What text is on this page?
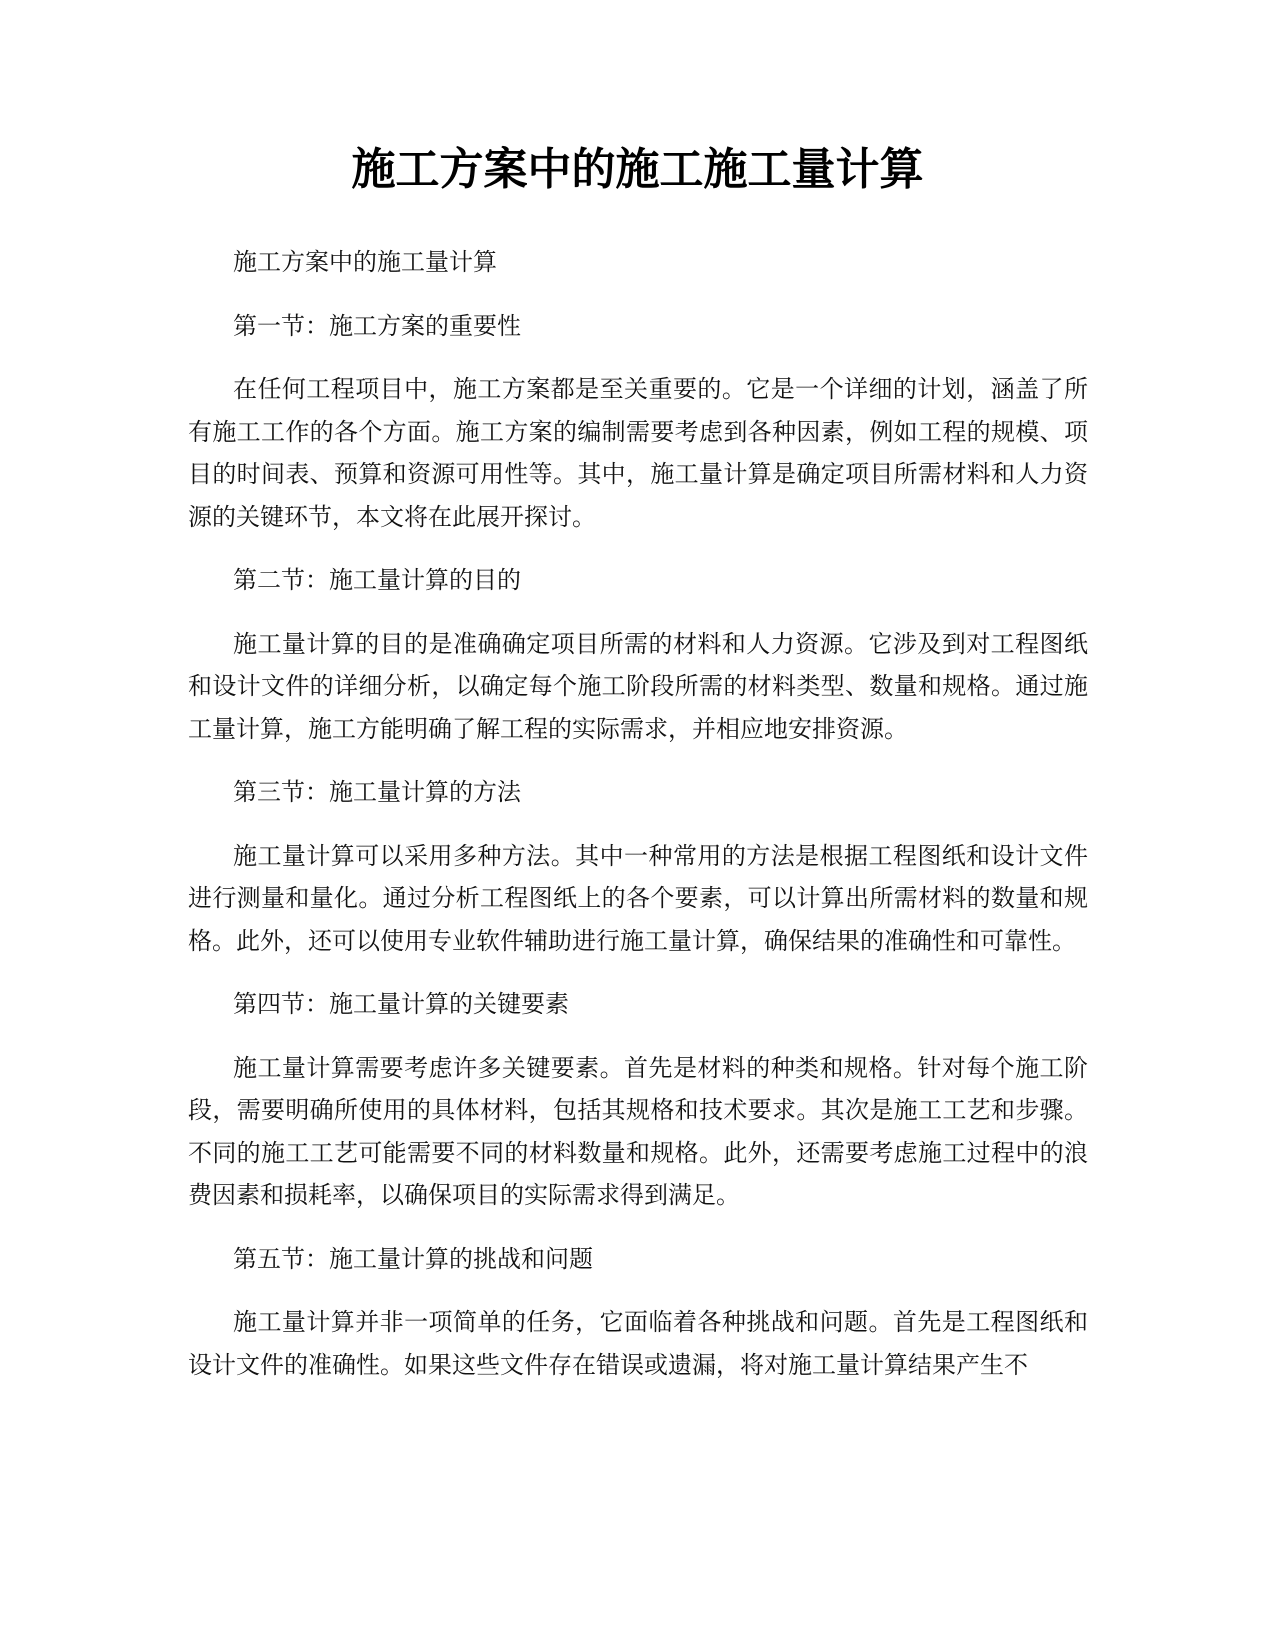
施工方案中的施工施工量计算

施工方案中的施工量计算

第一节：施工方案的重要性

在任何工程项目中，施工方案都是至关重要的。它是一个详细的计划，涵盖了所有施工工作的各个方面。施工方案的编制需要考虑到各种因素，例如工程的规模、项目的时间表、预算和资源可用性等。其中，施工量计算是确定项目所需材料和人力资源的关键环节，本文将在此展开探讨。

第二节：施工量计算的目的

施工量计算的目的是准确确定项目所需的材料和人力资源。它涉及到对工程图纸和设计文件的详细分析，以确定每个施工阶段所需的材料类型、数量和规格。通过施工量计算，施工方能明确了解工程的实际需求，并相应地安排资源。

第三节：施工量计算的方法

施工量计算可以采用多种方法。其中一种常用的方法是根据工程图纸和设计文件进行测量和量化。通过分析工程图纸上的各个要素，可以计算出所需材料的数量和规格。此外，还可以使用专业软件辅助进行施工量计算，确保结果的准确性和可靠性。

第四节：施工量计算的关键要素

施工量计算需要考虑许多关键要素。首先是材料的种类和规格。针对每个施工阶段，需要明确所使用的具体材料，包括其规格和技术要求。其次是施工工艺和步骤。不同的施工工艺可能需要不同的材料数量和规格。此外，还需要考虑施工过程中的浪费因素和损耗率，以确保项目的实际需求得到满足。

第五节：施工量计算的挑战和问题

施工量计算并非一项简单的任务，它面临着各种挑战和问题。首先是工程图纸和设计文件的准确性。如果这些文件存在错误或遗漏，将对施工量计算结果产生不
